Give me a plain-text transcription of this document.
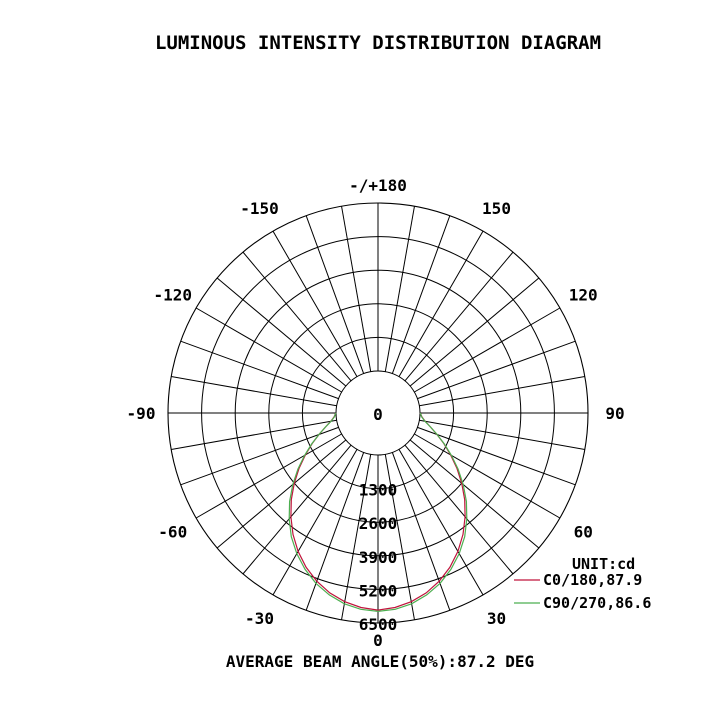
LUMINOUS INTENSITY DISTRIBUTION DIAGRAM
-/+180
-150	150
-120	120
-90	90
-60	60
-30	30
0
0
1300
2600
3900
5200
6500
UNIT:cd
C0/180,87.9
C90/270,86.6
AVERAGE BEAM ANGLE(50%):87.2 DEG
